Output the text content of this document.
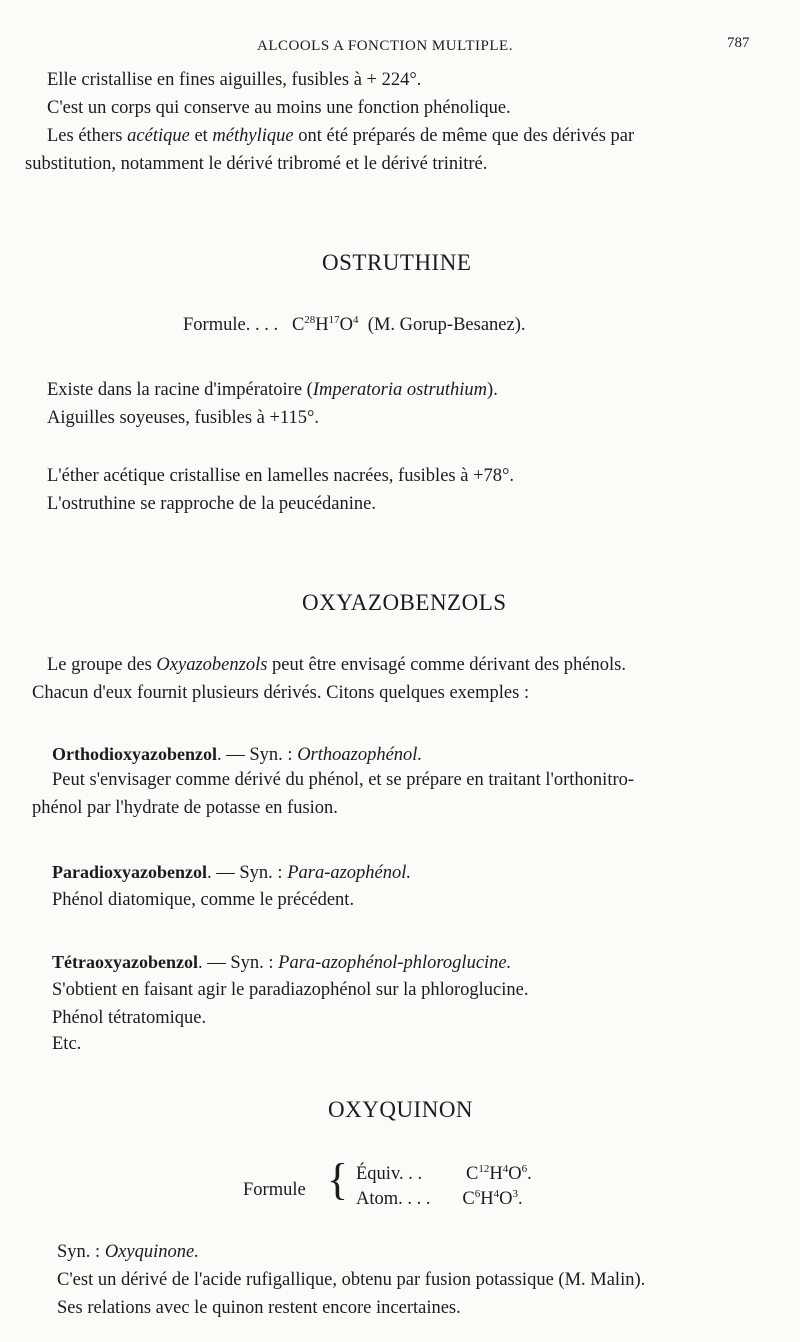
ALCOOLS A FONCTION MULTIPLE.	787
Elle cristallise en fines aiguilles, fusibles à + 224°.
C'est un corps qui conserve au moins une fonction phénolique.
Les éthers acétique et méthylique ont été préparés de même que des dérivés par
substitution, notamment le dérivé tribromé et le dérivé trinitré.
OSTRUTHINE
Formule. . . . $C^{28}H^{17}O^4$ (M. Gorup-Besanez).
Existe dans la racine d'impératoire (Imperatoria ostruthium).
Aiguilles soyeuses, fusibles à +115°.
L'éther acétique cristallise en lamelles nacrées, fusibles à +78°.
L'ostruthine se rapproche de la peucédanine.
OXYAZOBENZOLS
Le groupe des Oxyazobenzols peut être envisagé comme dérivant des phénols.
Chacun d'eux fournit plusieurs dérivés. Citons quelques exemples :
Orthodioxyazobenzol. — Syn. : Orthoazophénol.
Peut s'envisager comme dérivé du phénol, et se prépare en traitant l'orthonitro-
phénol par l'hydrate de potasse en fusion.
Paradioxyazobenzol. — Syn. : Para-azophénol.
Phénol diatomique, comme le précédent.
Tétraoxyazobenzol. — Syn. : Para-azophénol-phloroglucine.
S'obtient en faisant agir le paradiazophénol sur la phloroglucine.
Phénol tétratomique.
Etc.
OXYQUINON
Formule { Équiv. . . $C^{12}H^4O^6$.
Atom. . . . $C^6H^4O^3$.
Syn. : Oxyquinone.
C'est un dérivé de l'acide rufigallique, obtenu par fusion potassique (M. Malin).
Ses relations avec le quinon restent encore incertaines.
